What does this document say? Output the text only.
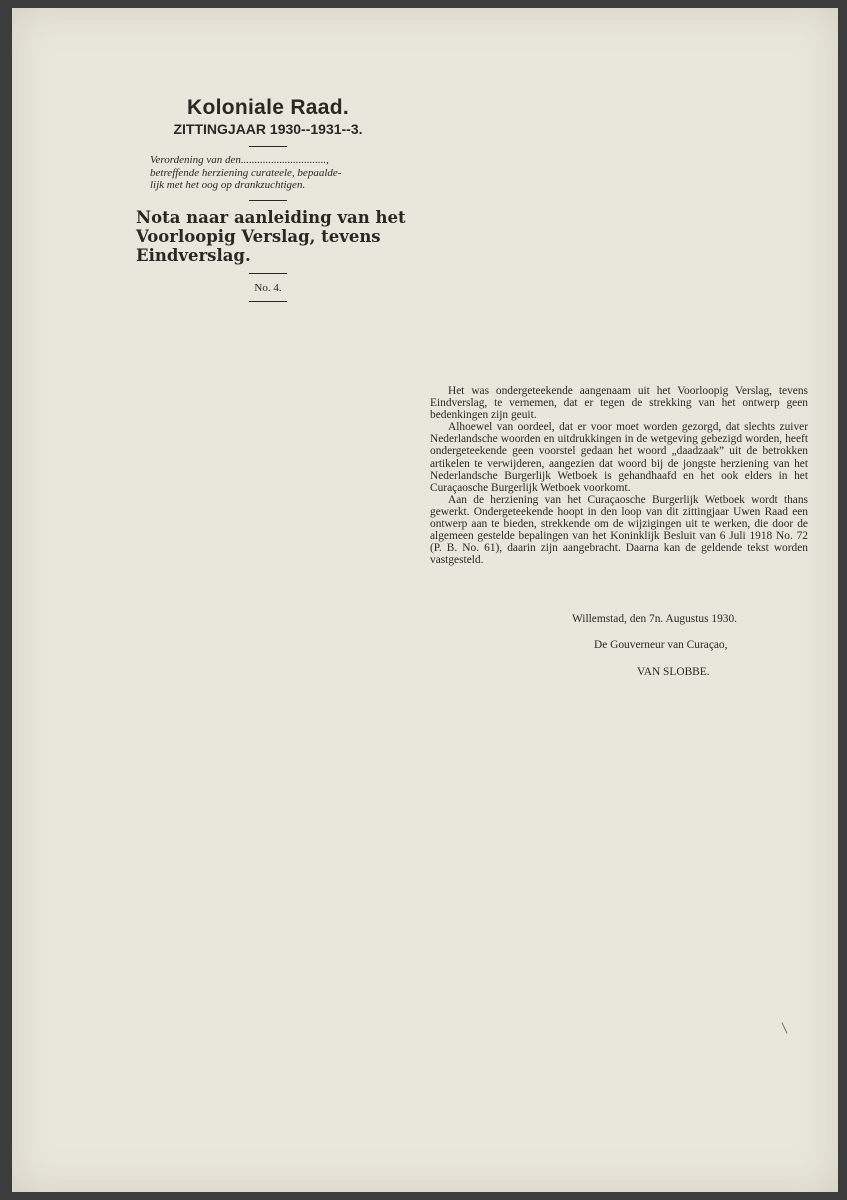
Koloniale Raad.

ZITTINGJAAR 1930--1931--3.

Verordening van den...............................,

betreffende herziening curateele, bepaalde-

lijk met het oog op drankzuchtigen.

Nota naar aanleiding van het

Voorloopig Verslag, tevens

Eindverslag.

No. 4.

Het was ondergeteekende aangenaam uit het Voorloopig Verslag, tevens Eindverslag, te vernemen, dat er tegen de strekking van het ontwerp geen bedenkingen zijn geuit.

Alhoewel van oordeel, dat er voor moet worden gezorgd, dat slechts zuiver Nederlandsche woorden en uitdrukkingen in de wetgeving gebezigd worden, heeft ondergeteekende geen voorstel gedaan het woord „daadzaak” uit de betrokken artikelen te verwijderen, aangezien dat woord bij de jongste herziening van het Nederlandsche Burgerlijk Wetboek is gehandhaafd en het ook elders in het Curaçaosche Burgerlijk Wetboek voorkomt.

Aan de herziening van het Curaçaosche Burgerlijk Wetboek wordt thans gewerkt. Ondergeteekende hoopt in den loop van dit zittingjaar Uwen Raad een ontwerp aan te bieden, strekkende om de wijzigingen uit te werken, die door de algemeen gestelde bepalingen van het Koninklijk Besluit van 6 Juli 1918 No. 72 (P. B. No. 61), daarin zijn aangebracht. Daarna kan de geldende tekst worden vastgesteld.

Willemstad, den 7n. Augustus 1930.
De Gouverneur van Curaçao,
VAN SLOBBE.
